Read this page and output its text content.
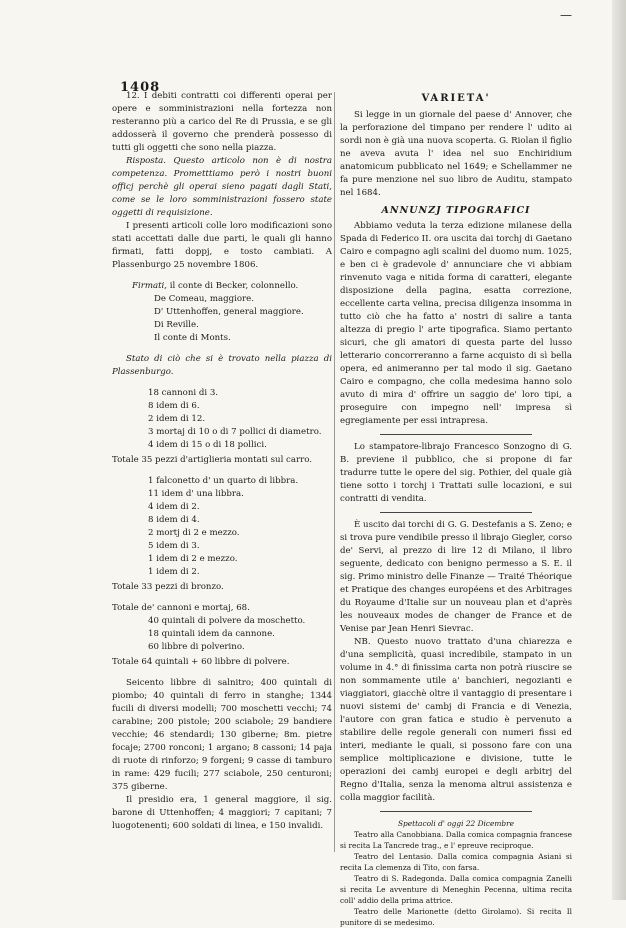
—
1408

12. I debiti contratti coi differenti operai per opere e somministrazioni nella fortezza non resteranno più a carico del Re di Prussia, e se gli addosserà il governo che prenderà possesso di tutti gli oggetti che sono nella piazza.

Risposta. Questo articolo non è di nostra competenza. Prometttiamo però i nostri buoni officj perchè gli operai sieno pagati dagli Stati, come se le loro somministrazioni fossero state oggetti di requisizione.

I presenti articoli colle loro modificazioni sono stati accettati dalle due parti, le quali gli hanno firmati, fatti doppj, e tosto cambiati. A Plassenburgo 25 novembre 1806.

Firmati, il conte di Becker, colonnello.

De Comeau, maggiore.

D' Uttenhoffen, general maggiore.

Di Reville.

Il conte di Monts.

Stato di ciò che si è trovato nella piazza di Plassenburgo.

18 cannoni di 3.

8 idem di 6.

2 idem di 12.

3 mortaj di 10 o di 7 pollici di diametro.

4 idem di 15 o di 18 pollici.

Totale 35 pezzi d'artiglieria montati sul carro.

1 falconetto d' un quarto di libbra.

11 idem d' una libbra.

4 idem di 2.

8 idem di 4.

2 mortj di 2 e mezzo.

5 idem di 3.

1 idem di 2 e mezzo.

1 idem di 2.

Totale 33 pezzi di bronzo.

Totale de' cannoni e mortaj, 68.

40 quintali di polvere da moschetto.

18 quintali idem da cannone.

60 libbre di polverino.

Totale 64 quintali + 60 libbre di polvere.

Seicento libbre di salnitro; 400 quintali di piombo; 40 quintali di ferro in stanghe; 1344 fucili di diversi modelli; 700 moschetti vecchi; 74 carabine; 200 pistole; 200 sciabole; 29 bandiere vecchie; 46 stendardi; 130 giberne; 8m. pietre focaje; 2700 ronconi; 1 argano; 8 cassoni; 14 paja di ruote di rinforzo; 9 forgeni; 9 casse di tamburo in rame: 429 fucili; 277 sciabole, 250 centuroni; 375 giberne.

Il presidio era, 1 general maggiore, il sig. barone di Uttenhoffen; 4 maggiori; 7 capitani; 7 luogotenenti; 600 soldati di linea, e 150 invalidi.

VARIETA'

Si legge in un giornale del paese d' Annover, che la perforazione del timpano per rendere l' udito ai sordi non è già una nuova scoperta. G. Riolan il figlio ne aveva avuta l' idea nel suo Enchiridium anatomicum pubblicato nel 1649; e Schellammer ne fa pure menzione nel suo libro de Auditu, stampato nel 1684.

ANNUNZJ TIPOGRAFICI

Abbiamo veduta la terza edizione milanese della Spada di Federico II. ora uscita dai torchj di Gaetano Cairo e compagno agli scalini del duomo num. 1025, e ben ci è gradevole d' annunciare che vi abbiam rinvenuto vaga e nitida forma di caratteri, elegante disposizione della pagina, esatta correzione, eccellente carta velina, precisa diligenza insomma in tutto ciò che ha fatto a' nostri di salire a tanta altezza di pregio l' arte tipografica. Siamo pertanto sicuri, che gli amatori di questa parte del lusso letterario concorreranno a farne acquisto di sì bella opera, ed animeranno per tal modo il sig. Gaetano Cairo e compagno, che colla medesima hanno solo avuto di mira d' offrire un saggio de' loro tipi, a proseguire con impegno nell' impresa sì egregiamente per essi intrapresa.

Lo stampatore-librajo Francesco Sonzogno di G. B. previene il pubblico, che si propone di far tradurre tutte le opere del sig. Pothier, del quale già tiene sotto i torchj i Trattati sulle locazioni, e sui contratti di vendita.

È uscito dai torchi di G. G. Destefanis a S. Zeno; e si trova pure vendibile presso il librajo Giegler, corso de' Servi, al prezzo di lire 12 di Milano, il libro seguente, dedicato con benigno permesso a S. E. il sig. Primo ministro delle Finanze — Traité Théorique et Pratique des changes européens et des Arbitrages du Royaume d'Italie sur un nouveau plan et d'après les nouveaux modes de changer de France et de Venise par Jean Henri Sievrac.

NB. Questo nuovo trattato d'una chiarezza e d'una semplicità, quasi incredibile, stampato in un volume in 4.° di finissima carta non potrà riuscire se non sommamente utile a' banchieri, negozianti e viaggiatori, giacchè oltre il vantaggio di presentare i nuovi sistemi de' cambj di Francia e di Venezia, l'autore con gran fatica e studio è pervenuto a stabilire delle regole generali con numeri fissi ed interi, mediante le quali, si possono fare con una semplice moltiplicazione e divisione, tutte le operazioni dei cambj europei e degli arbitrj del Regno d'Italia, senza la menoma altrui assistenza e colla maggior facilità.

Spettacoli d' oggi 22 Dicembre

Teatro alla Canobbiana. Dalla comica compagnia francese si recita La Tancrede trag., e l' epreuve reciproque.

Teatro del Lentasio. Dalla comica compagnia Asiani si recita La clemenza di Tito, con farsa.

Teatro di S. Radegonda. Dalla comica compagnia Zanelli si recita Le avventure di Meneghin Pecenna, ultima recita coll' addio della prima attrice.

Teatro delle Marionette (detto Girolamo). Si recita Il punitore di se medesimo.
